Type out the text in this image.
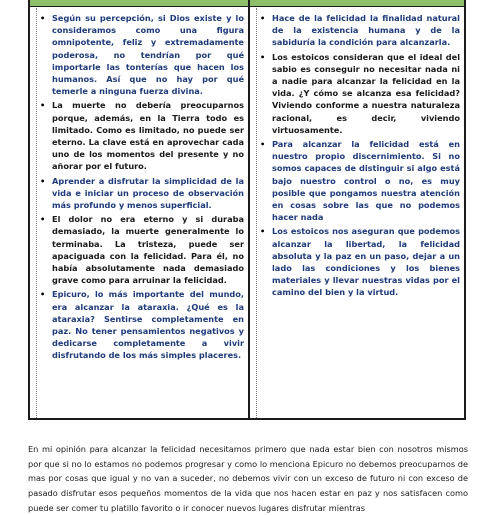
• Según su percepción, si Dios existe y lo consideramos como una figura omnipotente, feliz y extremadamente poderosa, no tendrían por qué importarle las tonterías que hacen los humanos. Así que no hay por qué temerle a ninguna fuerza divina.
• La muerte no debería preocuparnos porque, además, en la Tierra todo es limitado. Como es limitado, no puede ser eterno. La clave está en aprovechar cada uno de los momentos del presente y no añorar por el futuro.
• Aprender a disfrutar la simplicidad de la vida e iniciar un proceso de observación más profundo y menos superficial.
• El dolor no era eterno y si duraba demasiado, la muerte generalmente lo terminaba. La tristeza, puede ser apaciguada con la felicidad. Para él, no había absolutamente nada demasiado grave como para arruinar la felicidad.
• Epicuro, lo más importante del mundo, era alcanzar la ataraxia. ¿Qué es la ataraxia? Sentirse completamente en paz. No tener pensamientos negativos y dedicarse completamente a vivir disfrutando de los más simples placeres.
• Hace de la felicidad la finalidad natural de la existencia humana y de la sabiduría la condición para alcanzarla.
• Los estoicos consideran que el ideal del sabio es conseguir no necesitar nada ni a nadie para alcanzar la felicidad en la vida. ¿Y cómo se alcanza esa felicidad? Viviendo conforme a nuestra naturaleza racional, es decir, viviendo virtuosamente.
• Para alcanzar la felicidad está en nuestro propio discernimiento. Si no somos capaces de distinguir si algo está bajo nuestro control o no, es muy posible que pongamos nuestra atención en cosas sobre las que no podemos hacer nada
• Los estoicos nos aseguran que podemos alcanzar la libertad, la felicidad absoluta y la paz en un paso, dejar a un lado las condiciones y los bienes materiales y llevar nuestras vidas por el camino del bien y la virtud.

En mi opinión para alcanzar la felicidad necesitamos primero que nada estar bien con nosotros mismos por que si no lo estamos no podemos progresar y como lo menciona Epicuro no debemos preocuparnos de mas por cosas que igual y no van a suceder, no debemos vivir con un exceso de futuro ni con exceso de pasado disfrutar esos pequeños momentos de la vida que nos hacen estar en paz y nos satisfacen como puede ser comer tu platillo favorito o ir conocer nuevos lugares disfrutar mientras
